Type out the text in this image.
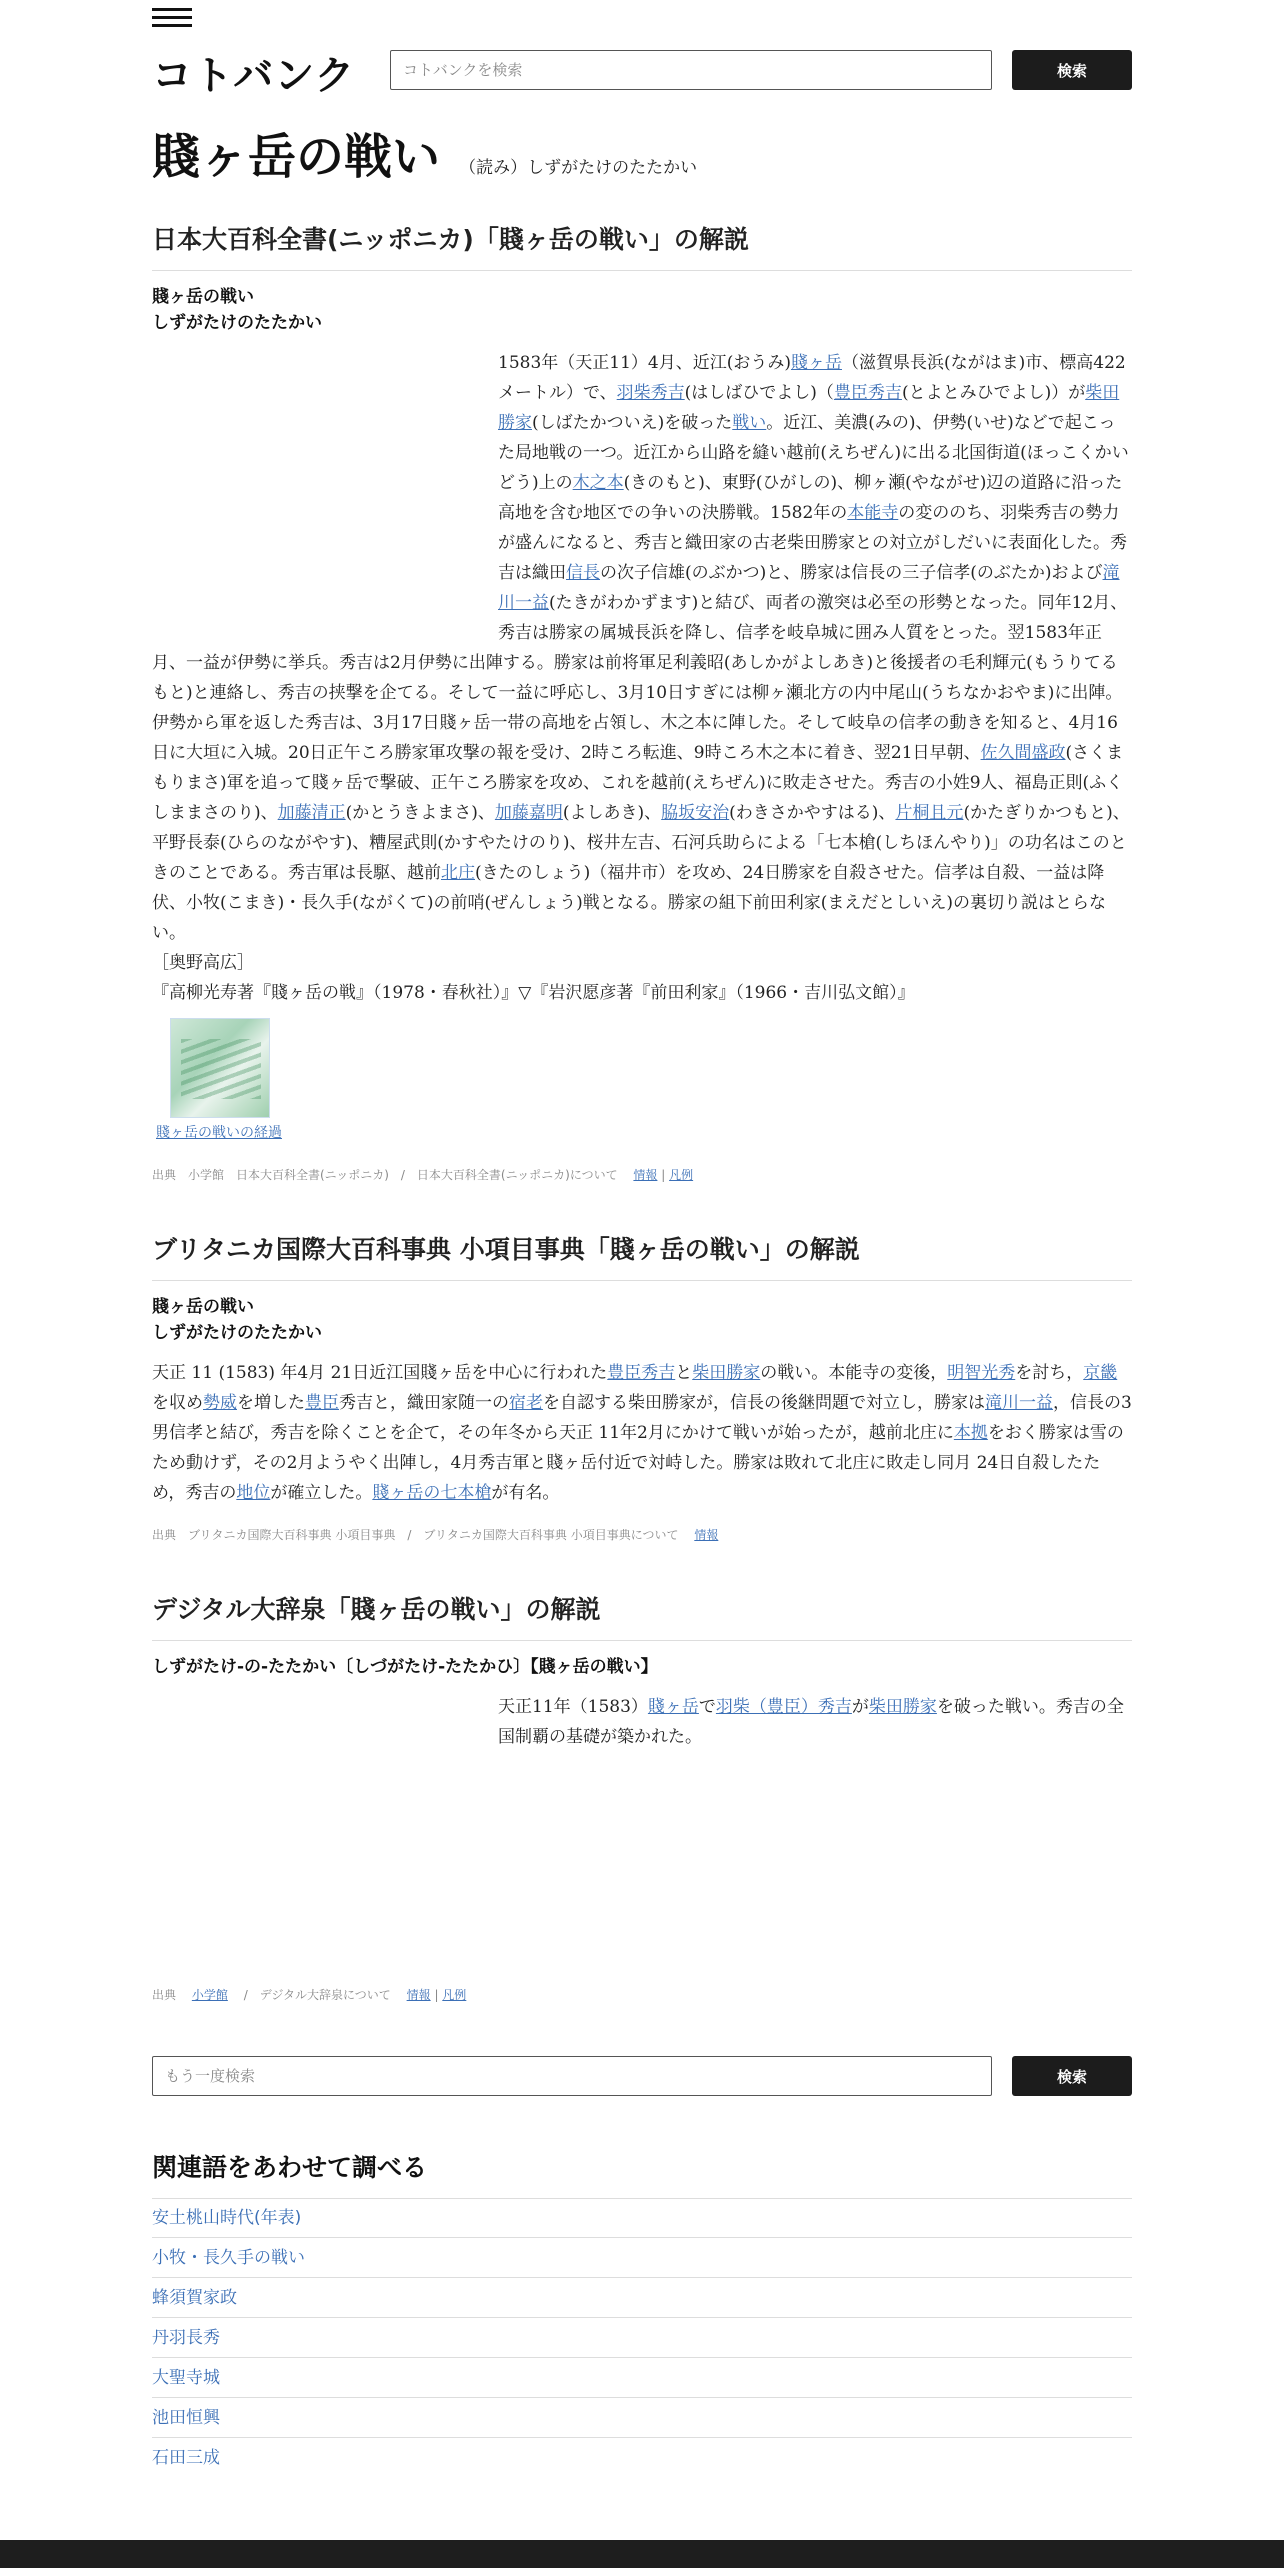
コトバンク
コトバンクを検索	検索
賤ヶ岳の戦い （読み）しずがたけのたたかい
日本大百科全書(ニッポニカ)「賤ヶ岳の戦い」の解説
賤ヶ岳の戦い
しずがたけのたたかい
1583年（天正11）4月、近江(おうみ)賤ヶ岳（滋賀県長浜(ながはま)市、標高422メートル）で、羽柴秀吉(はしばひでよし)（豊臣秀吉(とよとみひでよし)）が柴田勝家(しばたかついえ)を破った戦い。近江、美濃(みの)、伊勢(いせ)などで起こった局地戦の一つ。近江から山路を縫い越前(えちぜん)に出る北国街道(ほっこくかいどう)上の木之本(きのもと)、東野(ひがしの)、柳ヶ瀬(やながせ)辺の道路に沿った高地を含む地区での争いの決勝戦。1582年の本能寺の変ののち、羽柴秀吉の勢力が盛んになると、秀吉と織田家の古老柴田勝家との対立がしだいに表面化した。秀吉は織田信長の次子信雄(のぶかつ)と、勝家は信長の三子信孝(のぶたか)および滝川一益(たきがわかずます)と結び、両者の激突は必至の形勢となった。同年12月、秀吉は勝家の属城長浜を降し、信孝を岐阜城に囲み人質をとった。翌1583年正月、一益が伊勢に挙兵。秀吉は2月伊勢に出陣する。勝家は前将軍足利義昭(あしかがよしあき)と後援者の毛利輝元(もうりてるもと)と連絡し、秀吉の挟撃を企てる。そして一益に呼応し、3月10日すぎには柳ヶ瀬北方の内中尾山(うちなかおやま)に出陣。伊勢から軍を返した秀吉は、3月17日賤ヶ岳一帯の高地を占領し、木之本に陣した。そして岐阜の信孝の動きを知ると、4月16日に大垣に入城。20日正午ころ勝家軍攻撃の報を受け、2時ころ転進、9時ころ木之本に着き、翌21日早朝、佐久間盛政(さくまもりまさ)軍を追って賤ヶ岳で撃破、正午ころ勝家を攻め、これを越前(えちぜん)に敗走させた。秀吉の小姓9人、福島正則(ふくしままさのり)、加藤清正(かとうきよまさ)、加藤嘉明(よしあき)、脇坂安治(わきさかやすはる)、片桐且元(かたぎりかつもと)、平野長泰(ひらのながやす)、糟屋武則(かすやたけのり)、桜井左吉、石河兵助らによる「七本槍(しちほんやり)」の功名はこのときのことである。秀吉軍は長駆、越前北庄(きたのしょう)（福井市）を攻め、24日勝家を自殺させた。信孝は自殺、一益は降伏、小牧(こまき)・長久手(ながくて)の前哨(ぜんしょう)戦となる。勝家の組下前田利家(まえだとしいえ)の裏切り説はとらない。
［奥野高広］
『高柳光寿著『賤ヶ岳の戦』（1978・春秋社）』▽『岩沢愿彦著『前田利家』（1966・吉川弘文館）』
賤ヶ岳の戦いの経過
出典　小学館　日本大百科全書(ニッポニカ)　/　日本大百科全書(ニッポニカ)について　 情報 | 凡例
ブリタニカ国際大百科事典 小項目事典「賤ヶ岳の戦い」の解説
賤ヶ岳の戦い
しずがたけのたたかい
天正 11 (1583) 年4月 21日近江国賤ヶ岳を中心に行われた豊臣秀吉と柴田勝家の戦い。本能寺の変後，明智光秀を討ち，京畿を収め勢威を増した豊臣秀吉と，織田家随一の宿老を自認する柴田勝家が，信長の後継問題で対立し，勝家は滝川一益，信長の3男信孝と結び，秀吉を除くことを企て，その年冬から天正 11年2月にかけて戦いが始ったが，越前北庄に本拠をおく勝家は雪のため動けず，その2月ようやく出陣し，4月秀吉軍と賤ヶ岳付近で対峙した。勝家は敗れて北庄に敗走し同月 24日自殺したため，秀吉の地位が確立した。賤ヶ岳の七本槍が有名。
出典　ブリタニカ国際大百科事典 小項目事典　/　ブリタニカ国際大百科事典 小項目事典について　 情報
デジタル大辞泉「賤ヶ岳の戦い」の解説
しずがたけ‐の‐たたかい〔しづがたけ‐たたかひ〕【賤ヶ岳の戦い】
天正11年（1583）賤ヶ岳で羽柴（豊臣）秀吉が柴田勝家を破った戦い。秀吉の全国制覇の基礎が築かれた。
出典　 小学館　 /　デジタル大辞泉について　 情報 | 凡例
もう一度検索
検索
関連語をあわせて調べる
安土桃山時代(年表)
小牧・長久手の戦い
蜂須賀家政
丹羽長秀
大聖寺城
池田恒興
石田三成
